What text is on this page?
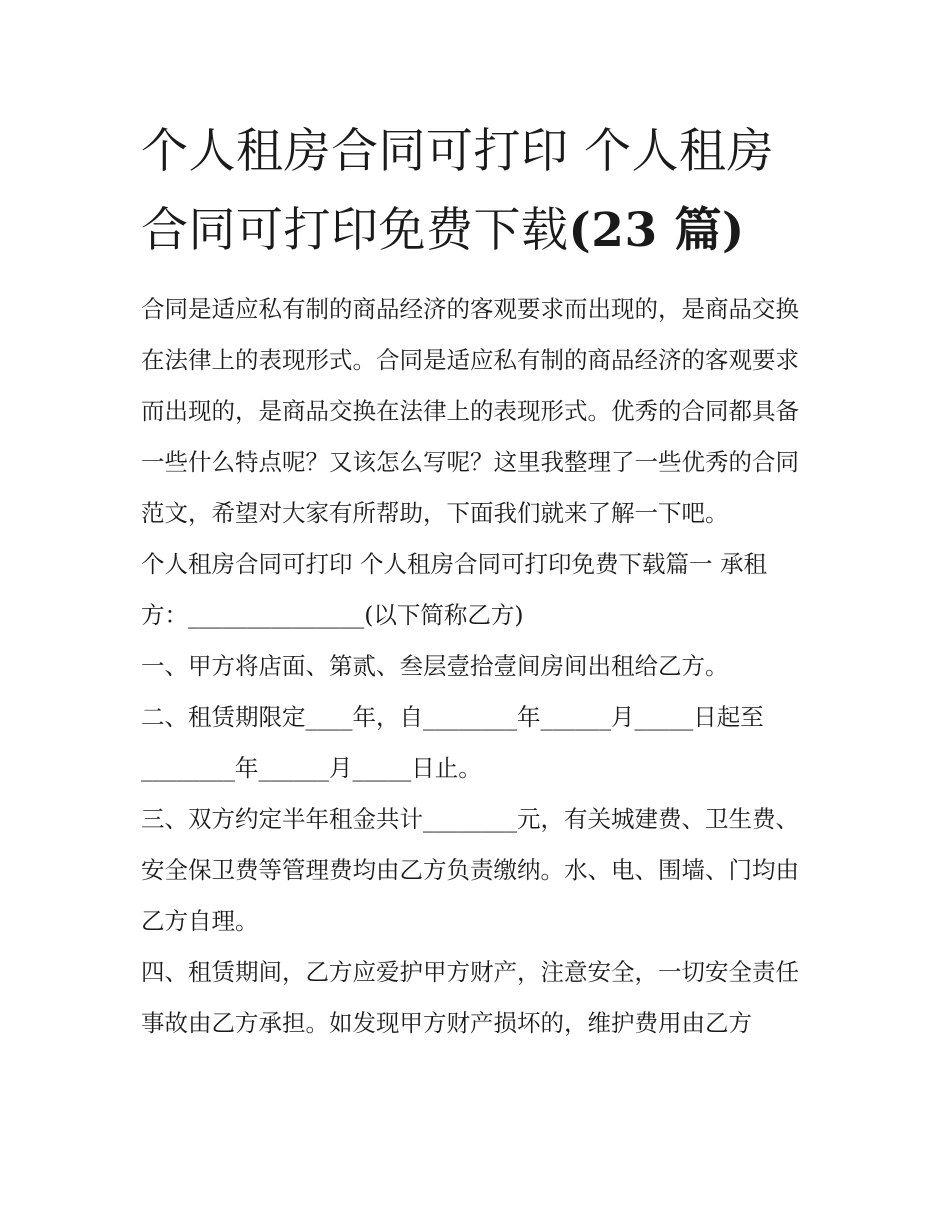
个人租房合同可打印 个人租房合同可打印免费下载(23 篇)

合同是适应私有制的商品经济的客观要求而出现的，是商品交换在法律上的表现形式。合同是适应私有制的商品经济的客观要求而出现的，是商品交换在法律上的表现形式。优秀的合同都具备一些什么特点呢？又该怎么写呢？这里我整理了一些优秀的合同范文，希望对大家有所帮助，下面我们就来了解一下吧。

个人租房合同可打印 个人租房合同可打印免费下载篇一 承租方：_______________(以下简称乙方)

一、甲方将店面、第贰、叁层壹拾壹间房间出租给乙方。

二、租赁期限定____年，自________年______月_____日起至________年______月_____日止。

三、双方约定半年租金共计________元，有关城建费、卫生费、安全保卫费等管理费均由乙方负责缴纳。水、电、围墙、门均由乙方自理。

四、租赁期间，乙方应爱护甲方财产，注意安全，一切安全责任事故由乙方承担。如发现甲方财产损坏的，维护费用由乙方
